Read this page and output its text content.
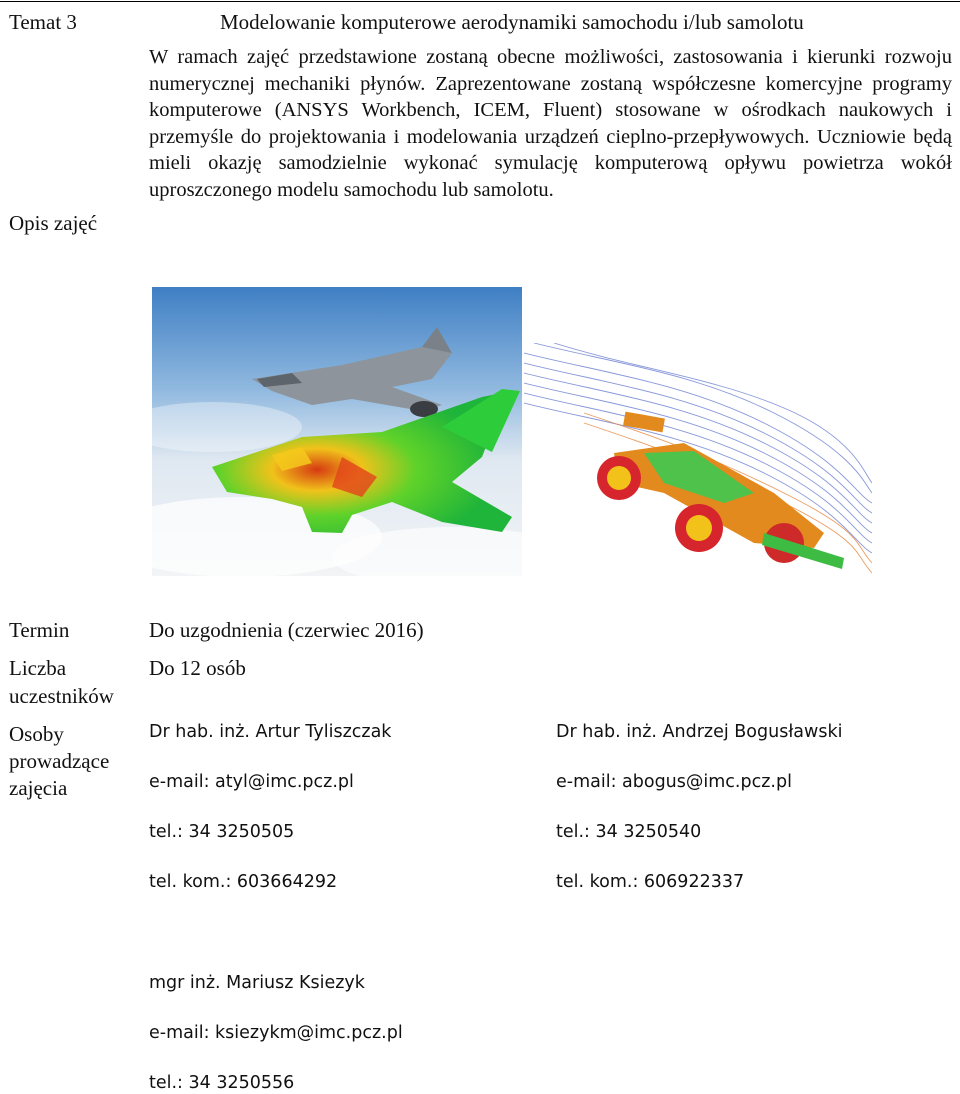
Temat 3	Modelowanie komputerowe aerodynamiki samochodu i/lub samolotu
W ramach zajęć przedstawione zostaną obecne możliwości, zastosowania i kierunki rozwoju numerycznej mechaniki płynów. Zaprezentowane zostaną współczesne komercyjne programy komputerowe (ANSYS Workbench, ICEM, Fluent) stosowane w ośrodkach naukowych i przemyśle do projektowania i modelowania urządzeń cieplno-przepływowych. Uczniowie będą mieli okazję samodzielnie wykonać symulację komputerową opływu powietrza wokół uproszczonego modelu samochodu lub samolotu.
Opis zajęć
Termin	Do uzgodnienia (czerwiec 2016)
Liczba
uczestników
Do 12 osób
Osoby
prowadzące
zajęcia
Dr hab. inż. Artur Tyliszczak
e-mail: atyl@imc.pcz.pl
tel.: 34 3250505
tel. kom.: 603664292
Dr hab. inż. Andrzej Bogusławski
e-mail: abogus@imc.pcz.pl
tel.: 34 3250540
tel. kom.: 606922337
mgr inż. Mariusz Ksiezyk
e-mail: ksiezykm@imc.pcz.pl
tel.: 34 3250556
